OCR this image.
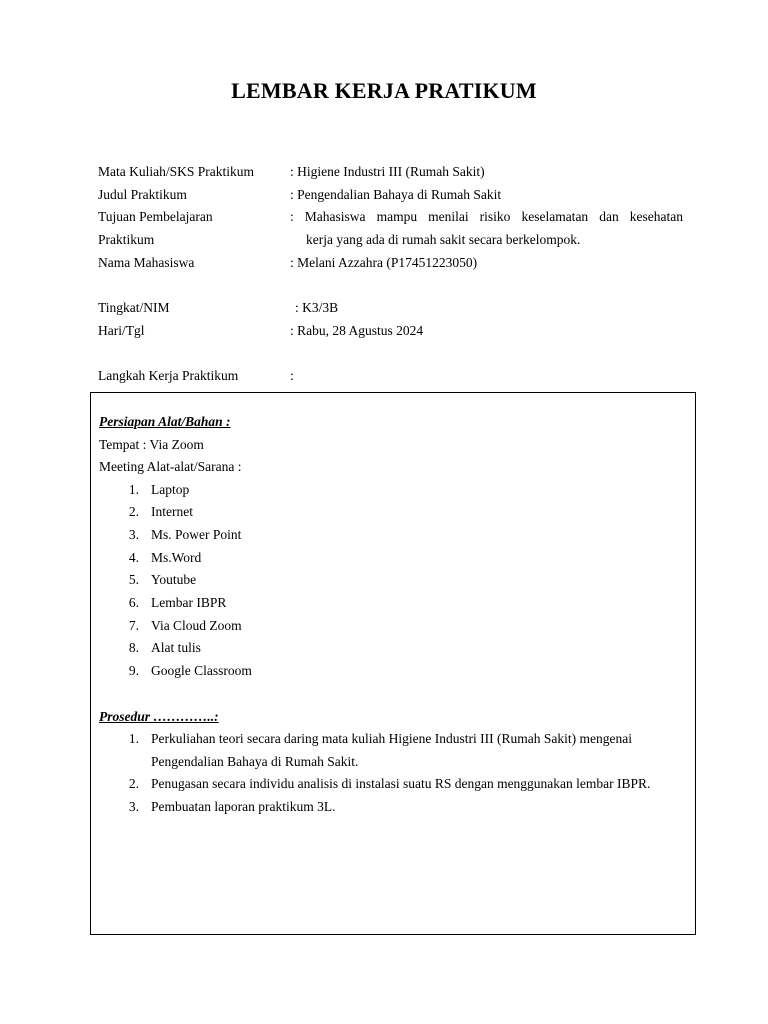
LEMBAR KERJA PRATIKUM
Mata Kuliah/SKS Praktikum	: Higiene Industri III (Rumah Sakit)
Judul Praktikum	: Pengendalian Bahaya di Rumah Sakit
Tujuan Pembelajaran	: Mahasiswa mampu menilai risiko keselamatan dan kesehatan
Praktikum	kerja yang ada di rumah sakit secara berkelompok.
Nama Mahasiswa	: Melani Azzahra (P17451223050)
Tingkat/NIM	: K3/3B
Hari/Tgl	: Rabu, 28 Agustus 2024
Langkah Kerja Praktikum	:
Persiapan Alat/Bahan :
Tempat : Via Zoom
Meeting Alat-alat/Sarana :
1. Laptop
2. Internet
3. Ms. Power Point
4. Ms.Word
5. Youtube
6. Lembar IBPR
7. Via Cloud Zoom
8. Alat tulis
9. Google Classroom
Prosedur …………..:
1. Perkuliahan teori secara daring mata kuliah Higiene Industri III (Rumah Sakit) mengenai
Pengendalian Bahaya di Rumah Sakit.
2. Penugasan secara individu analisis di instalasi suatu RS dengan menggunakan lembar IBPR.
3. Pembuatan laporan praktikum 3L.
